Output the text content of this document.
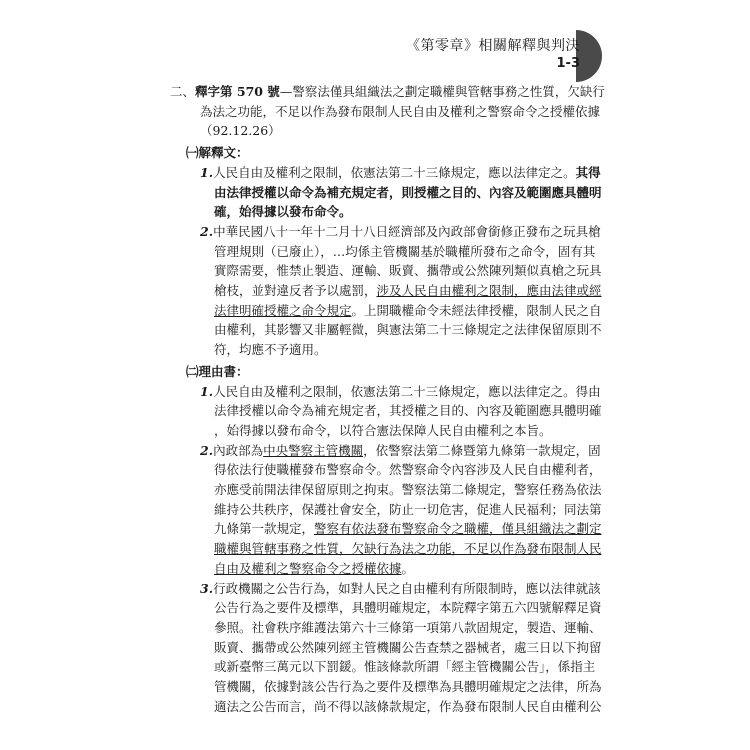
《第零章》相關解釋與判決
1-3
二、釋字第 570 號—警察法僅具組織法之劃定職權與管轄事務之性質，欠缺行
為法之功能，不足以作為發布限制人民自由及權利之警察命令之授權依據
（92.12.26）
㈠解釋文：
1.人民自由及權利之限制，依憲法第二十三條規定，應以法律定之。其得
由法律授權以命令為補充規定者，則授權之目的、內容及範圍應具體明
確，始得據以發布命令。
2.中華民國八十一年十二月十八日經濟部及內政部會銜修正發布之玩具槍
管理規則（已廢止），…均係主管機關基於職權所發布之命令，固有其
實際需要，惟禁止製造、運輸、販賣、攜帶或公然陳列類似真槍之玩具
槍枝，並對違反者予以處罰，涉及人民自由權利之限制，應由法律或經
法律明確授權之命令規定。上開職權命令未經法律授權，限制人民之自
由權利，其影響又非屬輕微，與憲法第二十三條規定之法律保留原則不
符，均應不予適用。
㈡理由書：
1.人民自由及權利之限制，依憲法第二十三條規定，應以法律定之。得由
法律授權以命令為補充規定者，其授權之目的、內容及範圍應具體明確
，始得據以發布命令，以符合憲法保障人民自由權利之本旨。
2.內政部為中央警察主管機關，依警察法第二條暨第九條第一款規定，固
得依法行使職權發布警察命令。然警察命令內容涉及人民自由權利者，
亦應受前開法律保留原則之拘束。警察法第二條規定，警察任務為依法
維持公共秩序，保護社會安全，防止一切危害，促進人民福利；同法第
九條第一款規定，警察有依法發布警察命令之職權，僅具組織法之劃定
職權與管轄事務之性質，欠缺行為法之功能，不足以作為發布限制人民
自由及權利之警察命令之授權依據。
3.行政機關之公告行為，如對人民之自由權利有所限制時，應以法律就該
公告行為之要件及標準，具體明確規定，本院釋字第五六四號解釋足資
參照。社會秩序維護法第六十三條第一項第八款固規定，製造、運輸、
販賣、攜帶或公然陳列經主管機關公告查禁之器械者，處三日以下拘留
或新臺幣三萬元以下罰鍰。惟該條款所謂「經主管機關公告」，係指主
管機關，依據對該公告行為之要件及標準為具體明確規定之法律，所為
適法之公告而言，尚不得以該條款規定，作為發布限制人民自由權利公
